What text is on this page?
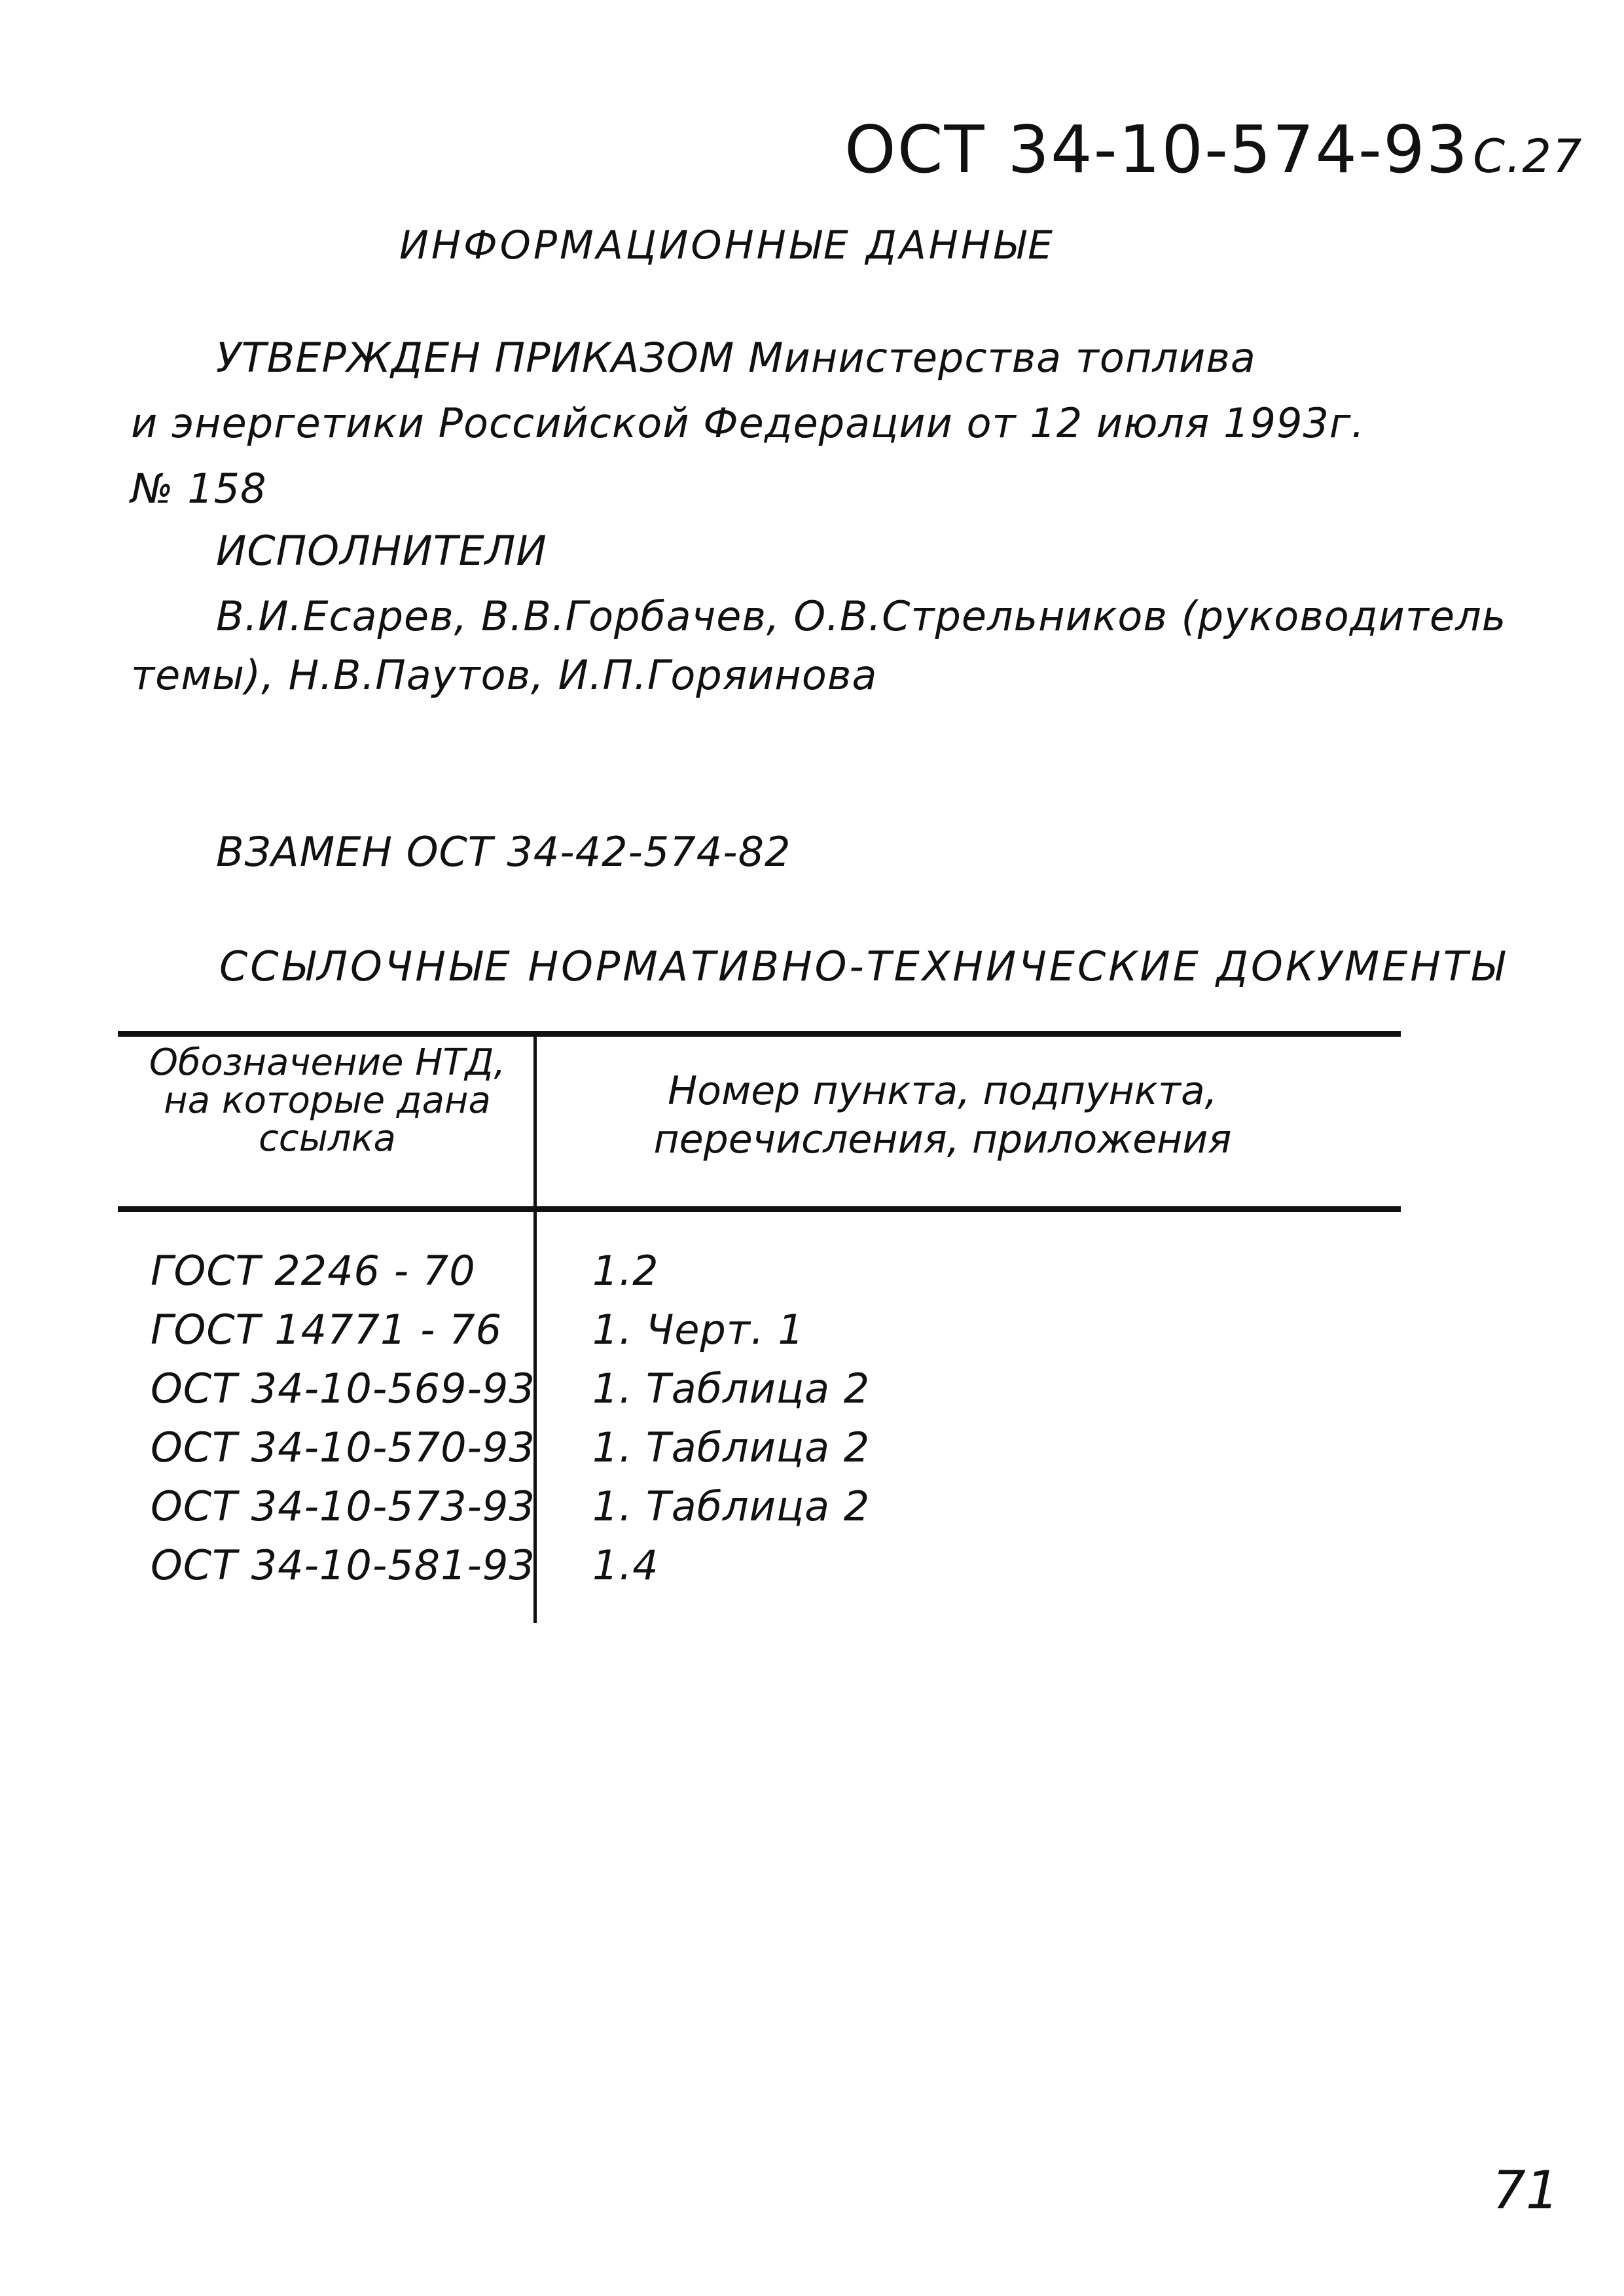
ОСТ 34-10-574-93С.27
ИНФОРМАЦИОННЫЕ ДАННЫЕ
УТВЕРЖДЕН ПРИКАЗОМ Министерства топлива
и энергетики Российской Федерации от 12 июля 1993г.
№ 158
ИСПОЛНИТЕЛИ
В.И.Есарев, В.В.Горбачев, О.В.Стрельников (руководитель
темы), Н.В.Паутов, И.П.Горяинова
ВЗАМЕН ОСТ 34-42-574-82
ССЫЛОЧНЫЕ НОРМАТИВНО-ТЕХНИЧЕСКИЕ ДОКУМЕНТЫ
Обозначение НТД,
на которые дана
ссылка
Номер пункта, подпункта,
перечисления, приложения
ГОСТ 2246 - 70	1.2
ГОСТ 14771 - 76 1. Черт. 1
ОСТ 34-10-569-93 1. Таблица 2
ОСТ 34-10-570-93 1. Таблица 2
ОСТ 34-10-573-93 1. Таблица 2
ОСТ 34-10-581-93 1.4
71
